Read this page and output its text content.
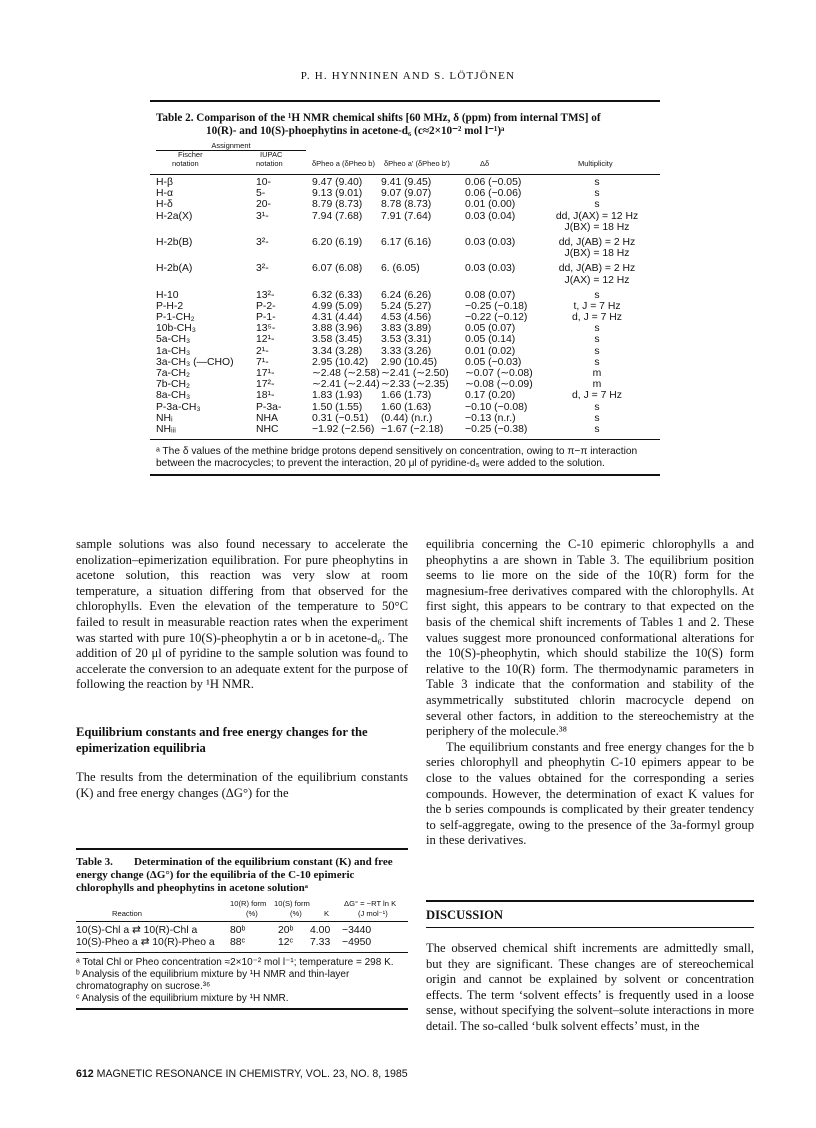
P. H. HYNNINEN AND S. LÖTJÖNEN
Table 2. Comparison of the ¹H NMR chemical shifts [60 MHz, δ (ppm) from internal TMS] of
10(R)- and 10(S)-phoephytins in acetone-d₆ (c≈2×10⁻² mol l⁻¹)ᵃ
Assignment
Fischer
notation
IUPAC
notation	δPheo a (δPheo b) δPheo a' (δPheo b')	Δδ	Multiplicity
H-β	10-	9.47 (9.40) 9.41 (9.45)	0.06 (−0.05)	s
H-α	5-	9.13 (9.01) 9.07 (9.07)	0.06 (−0.06)	s
H-δ	20-	8.79 (8.73) 8.78 (8.73)	0.01 (0.00)	s
H-2a(X)	3¹-	7.94 (7.68) 7.91 (7.64)	0.03 (0.04)	dd, J(AX) = 12 Hz
J(BX) = 18 Hz
H-2b(B)	3²-	6.20 (6.19) 6.17 (6.16)	0.03 (0.03)	dd, J(AB) = 2 Hz
J(BX) = 18 Hz
H-2b(A)	3²-	6.07 (6.08) 6. (6.05)	0.03 (0.03)	dd, J(AB) = 2 Hz
J(AX) = 12 Hz
H-10	13²-	6.32 (6.33) 6.24 (6.26)	0.08 (0.07)	s
P-H-2	P-2-	4.99 (5.09) 5.24 (5.27)	−0.25 (−0.18)	t, J = 7 Hz
P-1-CH₂	P-1-	4.31 (4.44) 4.53 (4.56)	−0.22 (−0.12)	d, J = 7 Hz
10b-CH₃	13⁵-	3.88 (3.96) 3.83 (3.89)	0.05 (0.07)	s
5a-CH₃	12¹-	3.58 (3.45) 3.53 (3.31)	0.05 (0.14)	s
1a-CH₃	2¹-	3.34 (3.28) 3.33 (3.26)	0.01 (0.02)	s
3a-CH₃ (—CHO) 7¹-	2.95 (10.42) 2.90 (10.45)	0.05 (−0.03)	s
7a-CH₂	17¹-	∼2.48 (∼2.58) ∼2.41 (∼2.50) ∼0.07 (∼0.08)	m
7b-CH₂	17²-	∼2.41 (∼2.44) ∼2.33 (∼2.35) ∼0.08 (∼0.09)	m
8a-CH₃	18¹-	1.83 (1.93) 1.66 (1.73)	0.17 (0.20)	d, J = 7 Hz
P-3a-CH₃	P-3a-	1.50 (1.55) 1.60 (1.63)	−0.10 (−0.08)	s
NHᵢ	NHA	0.31 (−0.51) (0.44) (n.r.)	−0.13 (n.r.)	s
NHᵢᵢᵢ	NHC	−1.92 (−2.56) −1.67 (−2.18) −0.25 (−0.38)	s
ᵃ The δ values of the methine bridge protons depend sensitively on concentration, owing to π−π interaction between the macrocycles; to prevent the interaction, 20 μl of pyridine-d₅ were added to the solution.

sample solutions was also found necessary to accelerate the enolization–epimerization equilibration. For pure pheophytins in acetone solution, this reaction was very slow at room temperature, a situation differing from that observed for the chlorophylls. Even the elevation of the temperature to 50°C failed to result in measurable reaction rates when the experiment was started with pure 10(S)-pheophytin a or b in acetone-d₆. The addition of 20 μl of pyridine to the sample solution was found to accelerate the conversion to an adequate extent for the purpose of following the reaction by ¹H NMR.

Equilibrium constants and free energy changes for the epimerization equilibria

The results from the determination of the equilibrium constants (K) and free energy changes (ΔG°) for the

Table 3. Determination of the equilibrium constant (K) and free energy change (ΔG°) for the equilibria of the C-10 epimeric chlorophylls and pheophytins in acetone solutionᵃ
10(R) form
(%)
10(S) form
(%)	K
ΔG° = −RT ln K
(J mol⁻¹)
Reaction
10(S)-Chl a ⇄ 10(R)-Chl a	80ᵇ	20ᵇ 4.00 −3440
10(S)-Pheo a ⇄ 10(R)-Pheo a 88ᶜ	12ᶜ 7.33 −4950
ᵃ Total Chl or Pheo concentration ≈2×10⁻² mol l⁻¹; temperature = 298 K.
ᵇ Analysis of the equilibrium mixture by ¹H NMR and thin-layer chromatography on sucrose.³⁶
ᶜ Analysis of the equilibrium mixture by ¹H NMR.

equilibria concerning the C-10 epimeric chlorophylls a and pheophytins a are shown in Table 3. The equilibrium position seems to lie more on the side of the 10(R) form for the magnesium-free derivatives compared with the chlorophylls. At first sight, this appears to be contrary to that expected on the basis of the chemical shift increments of Tables 1 and 2. These values suggest more pronounced conformational alterations for the 10(S)-pheophytin, which should stabilize the 10(S) form relative to the 10(R) form. The thermodynamic parameters in Table 3 indicate that the conformation and stability of the asymmetrically substituted chlorin macrocycle depend on several other factors, in addition to the stereochemistry at the periphery of the molecule.³⁸

The equilibrium constants and free energy changes for the b series chlorophyll and pheophytin C-10 epimers appear to be close to the values obtained for the corresponding a series compounds. However, the determination of exact K values for the b series compounds is complicated by their greater tendency to self-aggregate, owing to the presence of the 3a-formyl group in these derivatives.

DISCUSSION

The observed chemical shift increments are admittedly small, but they are significant. These changes are of stereochemical origin and cannot be explained by solvent or concentration effects. The term ‘solvent effects’ is frequently used in a loose sense, without specifying the solvent–solute interactions in more detail. The so-called ‘bulk solvent effects’ must, in the

612 MAGNETIC RESONANCE IN CHEMISTRY, VOL. 23, NO. 8, 1985
